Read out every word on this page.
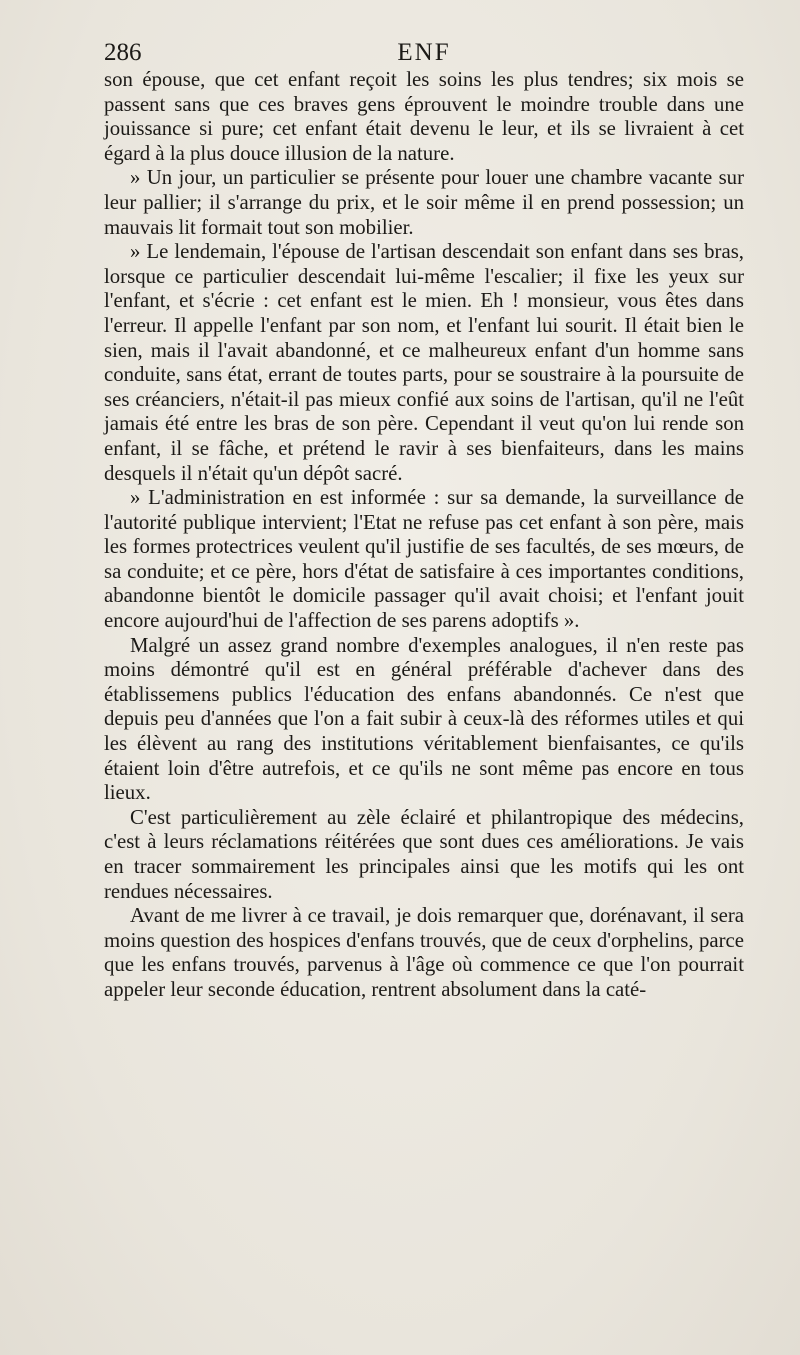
286	ENF

son épouse, que cet enfant reçoit les soins les plus tendres; six mois se passent sans que ces braves gens éprouvent le moindre trouble dans une jouissance si pure; cet enfant était devenu le leur, et ils se livraient à cet égard à la plus douce illusion de la nature.

» Un jour, un particulier se présente pour louer une chambre vacante sur leur pallier; il s'arrange du prix, et le soir même il en prend possession; un mauvais lit formait tout son mobilier.

» Le lendemain, l'épouse de l'artisan descendait son enfant dans ses bras, lorsque ce particulier descendait lui-même l'escalier; il fixe les yeux sur l'enfant, et s'écrie : cet enfant est le mien. Eh ! monsieur, vous êtes dans l'erreur. Il appelle l'enfant par son nom, et l'enfant lui sourit. Il était bien le sien, mais il l'avait abandonné, et ce malheureux enfant d'un homme sans conduite, sans état, errant de toutes parts, pour se soustraire à la poursuite de ses créanciers, n'était-il pas mieux confié aux soins de l'artisan, qu'il ne l'eût jamais été entre les bras de son père. Cependant il veut qu'on lui rende son enfant, il se fâche, et prétend le ravir à ses bienfaiteurs, dans les mains desquels il n'était qu'un dépôt sacré.

» L'administration en est informée : sur sa demande, la surveillance de l'autorité publique intervient; l'Etat ne refuse pas cet enfant à son père, mais les formes protectrices veulent qu'il justifie de ses facultés, de ses mœurs, de sa conduite; et ce père, hors d'état de satisfaire à ces importantes conditions, abandonne bientôt le domicile passager qu'il avait choisi; et l'enfant jouit encore aujourd'hui de l'affection de ses parens adoptifs ».

Malgré un assez grand nombre d'exemples analogues, il n'en reste pas moins démontré qu'il est en général préférable d'achever dans des établissemens publics l'éducation des enfans abandonnés. Ce n'est que depuis peu d'années que l'on a fait subir à ceux-là des réformes utiles et qui les élèvent au rang des institutions véritablement bienfaisantes, ce qu'ils étaient loin d'être autrefois, et ce qu'ils ne sont même pas encore en tous lieux.

C'est particulièrement au zèle éclairé et philantropique des médecins, c'est à leurs réclamations réitérées que sont dues ces améliorations. Je vais en tracer sommairement les principales ainsi que les motifs qui les ont rendues nécessaires.

Avant de me livrer à ce travail, je dois remarquer que, dorénavant, il sera moins question des hospices d'enfans trouvés, que de ceux d'orphelins, parce que les enfans trouvés, parvenus à l'âge où commence ce que l'on pourrait appeler leur seconde éducation, rentrent absolument dans la caté-
